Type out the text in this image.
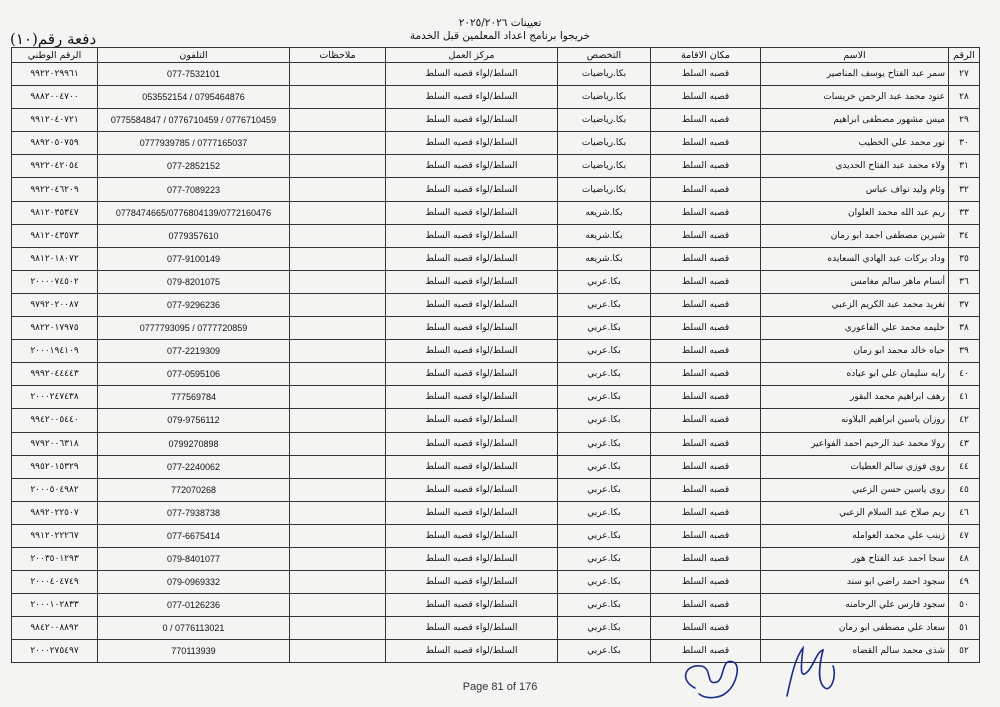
تعيينات ٢٠٢٥/٢٠٢٦
خريجوا برنامج اعداد المعلمين قبل الخدمة
دفعة رقم(١٠)
الرقم	الاسم	مكان الاقامة	التخصص	مركز العمل	ملاحظات	التلفون	الرقم الوطني
٢٧	سمر عبد الفتاح يوسف المناصير	قصبه السلط	بكا.رياضيات	السلط/لواء قصبه السلط		077-7532101	٩٩٢٢٠٢٩٩٦١
٢٨	عنود محمد عبد الرحمن خريسات	قصبه السلط	بكا.رياضيات	السلط/لواء قصبه السلط		053552154 / 0795464876	٩٨٨٢٠٠٤٧٠٠
٢٩	ميس مشهور مصطفى ابراهيم	قصبه السلط	بكا.رياضيات	السلط/لواء قصبه السلط		0775584847 / 0776710459 / 0776710459	٩٩١٢٠٤٠٧٢١
٣٠	نور محمد علي الخطيب	قصبه السلط	بكا.رياضيات	السلط/لواء قصبه السلط		0777939785 / 0777165037	٩٨٩٢٠٥٠٧٥٩
٣١	ولاء محمد عبد الفتاح الحديدي	قصبه السلط	بكا.رياضيات	السلط/لواء قصبه السلط		077-2852152	٩٩٢٢٠٤٢٠٥٤
٣٢	وئام وليد نواف عباس	قصبه السلط	بكا.رياضيات	السلط/لواء قصبه السلط		077-7089223	٩٩٢٢٠٤٦٢٠٩
٣٣	ريم عبد الله محمد العلوان	قصبه السلط	بكا.شريعه	السلط/لواء قصبه السلط		0778474665/0776804139/0772160476	٩٨١٢٠٣٥٣٤٧
٣٤	شيرين مصطفى احمد ابو رمان	قصبه السلط	بكا.شريعه	السلط/لواء قصبه السلط		0779357610	٩٨١٢٠٤٣٥٧٣
٣٥	وداد بركات عبد الهادي السعايده	قصبه السلط	بكا.شريعه	السلط/لواء قصبه السلط		077-9100149	٩٨١٢٠١٨٠٧٢
٣٦	أنسام ماهر سالم مغامس	قصبه السلط	بكا.عربي	السلط/لواء قصبه السلط		079-8201075	٢٠٠٠٠٧٤٥٠٢
٣٧	تغريد محمد عبد الكريم الزعبي	قصبه السلط	بكا.عربي	السلط/لواء قصبه السلط		077-9296236	٩٧٩٢٠٢٠٠٨٧
٣٨	حليمه محمد علي الفاعوري	قصبه السلط	بكا.عربي	السلط/لواء قصبه السلط		0777793095 / 0777720859	٩٨٢٢٠١٧٩٧٥
٣٩	حياه خالد محمد ابو رمان	قصبه السلط	بكا.عربي	السلط/لواء قصبه السلط		077-2219309	٢٠٠٠١٩٤١٠٩
٤٠	رايه سليمان علي ابو عياده	قصبه السلط	بكا.عربي	السلط/لواء قصبه السلط		077-0595106	٩٩٩٢٠٤٤٤٤٣
٤١	رهف ابراهيم محمد البقور	قصبه السلط	بكا.عربي	السلط/لواء قصبه السلط		777569784	٢٠٠٠٢٤٧٤٣٨
٤٢	روزان ياسين ابراهيم البلاونه	قصبه السلط	بكا.عربي	السلط/لواء قصبه السلط		079-9756112	٩٩٤٢٠٠٥٤٤٠
٤٣	رولا محمد عبد الرحيم احمد الفواعير	قصبه السلط	بكا.عربي	السلط/لواء قصبه السلط		0799270898	٩٧٩٢٠٠٦٣١٨
٤٤	روى فوزي سالم العطيات	قصبه السلط	بكا.عربي	السلط/لواء قصبه السلط		077-2240062	٩٩٥٢٠١٥٣٢٩
٤٥	روى ياسين حسن الزعبي	قصبه السلط	بكا.عربي	السلط/لواء قصبه السلط		772070268	٢٠٠٠٥٠٤٩٨٢
٤٦	ريم صلاح عبد السلام الزعبي	قصبه السلط	بكا.عربي	السلط/لواء قصبه السلط		077-7938738	٩٨٩٢٠٢٢٥٠٧
٤٧	زينب علي محمد العوامله	قصبه السلط	بكا.عربي	السلط/لواء قصبه السلط		077-6675414	٩٩١٢٠٢٢٢٦٧
٤٨	سجا احمد عبد الفتاح هور	قصبه السلط	بكا.عربي	السلط/لواء قصبه السلط		079-8401077	٢٠٠٣٥٠١٢٩٣
٤٩	سجود احمد راضي ابو سند	قصبه السلط	بكا.عربي	السلط/لواء قصبه السلط		079-0969332	٢٠٠٠٤٠٤٧٤٩
٥٠	سجود فارس علي الرحامنه	قصبه السلط	بكا.عربي	السلط/لواء قصبه السلط		077-0126236	٢٠٠٠١٠٢٨٣٣
٥١	سعاد علي مصطفى ابو رمان	قصبه السلط	بكا.عربي	السلط/لواء قصبه السلط		0 / 0776113021	٩٨٤٢٠٠٨٨٩٢
٥٢	شذى محمد سالم القضاه	قصبه السلط	بكا.عربي	السلط/لواء قصبه السلط		770113939	٢٠٠٠٢٧٥٤٩٧
Page 81 of 176
